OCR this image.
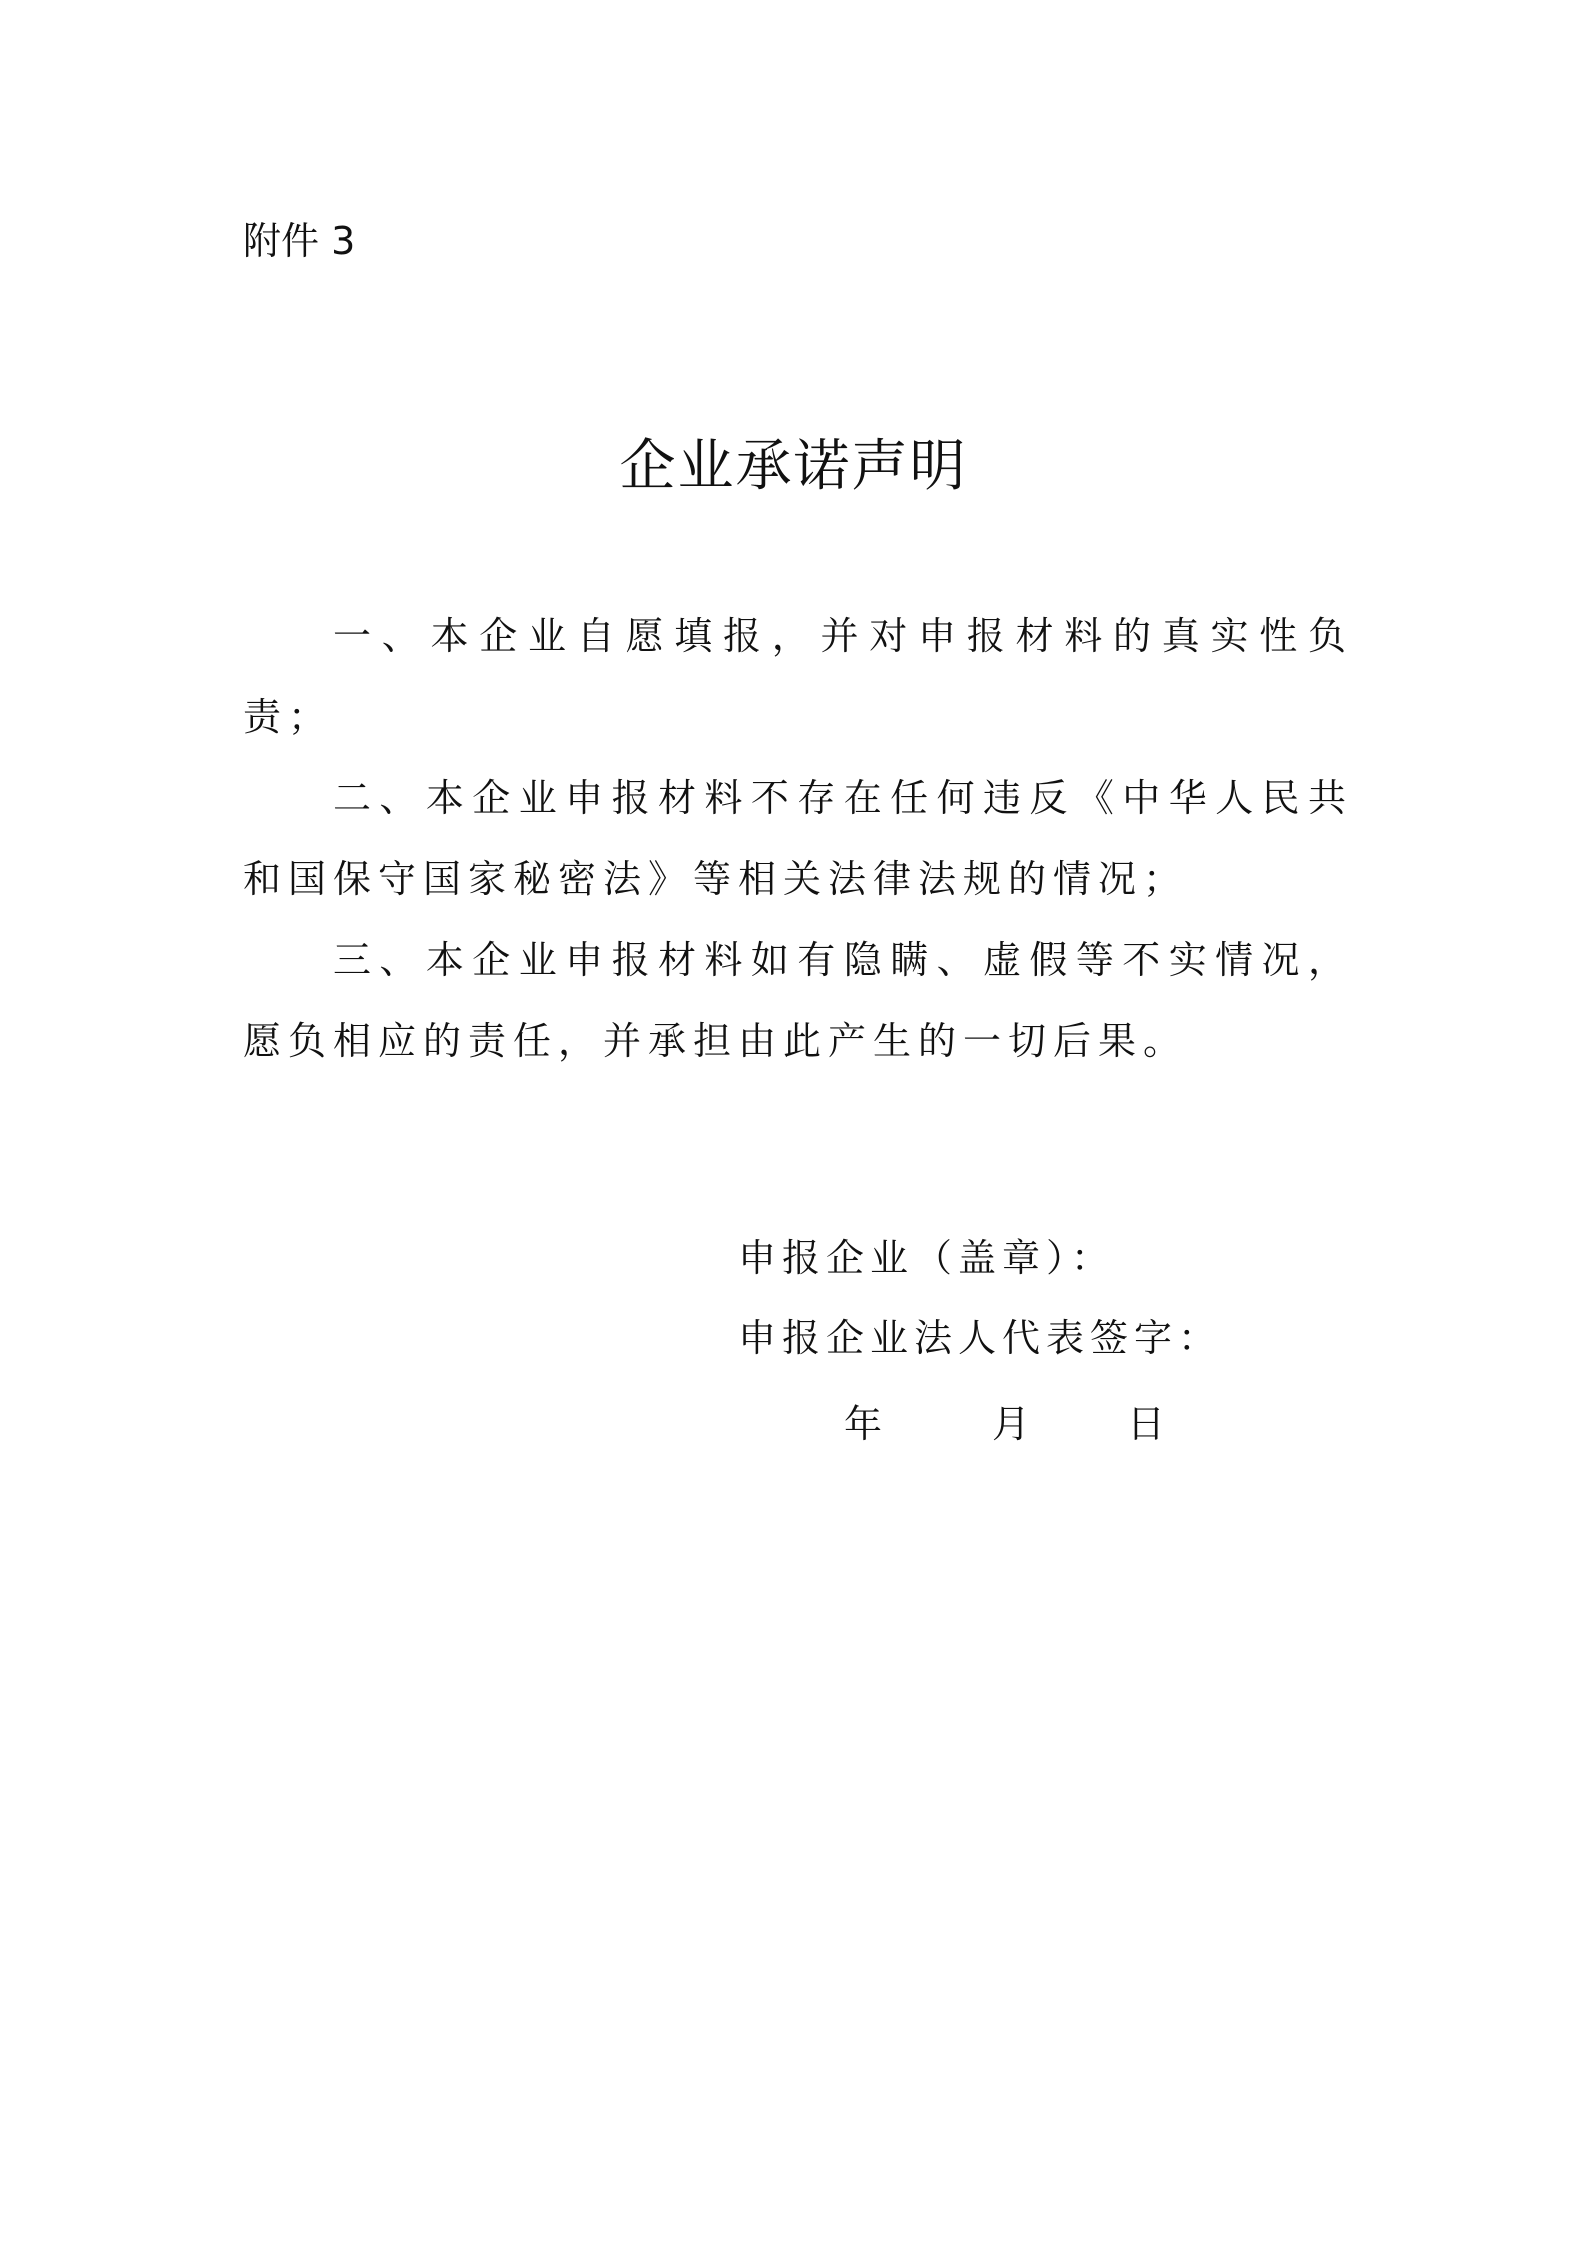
附件 3
企业承诺声明

一、本企业自愿填报，并对申报材料的真实性负责；

二、本企业申报材料不存在任何违反《中华人民共和国保守国家秘密法》等相关法律法规的情况；

三、本企业申报材料如有隐瞒、虚假等不实情况，愿负相应的责任，并承担由此产生的一切后果。

申报企业（盖章）：
申报企业法人代表签字：
年	月	日
